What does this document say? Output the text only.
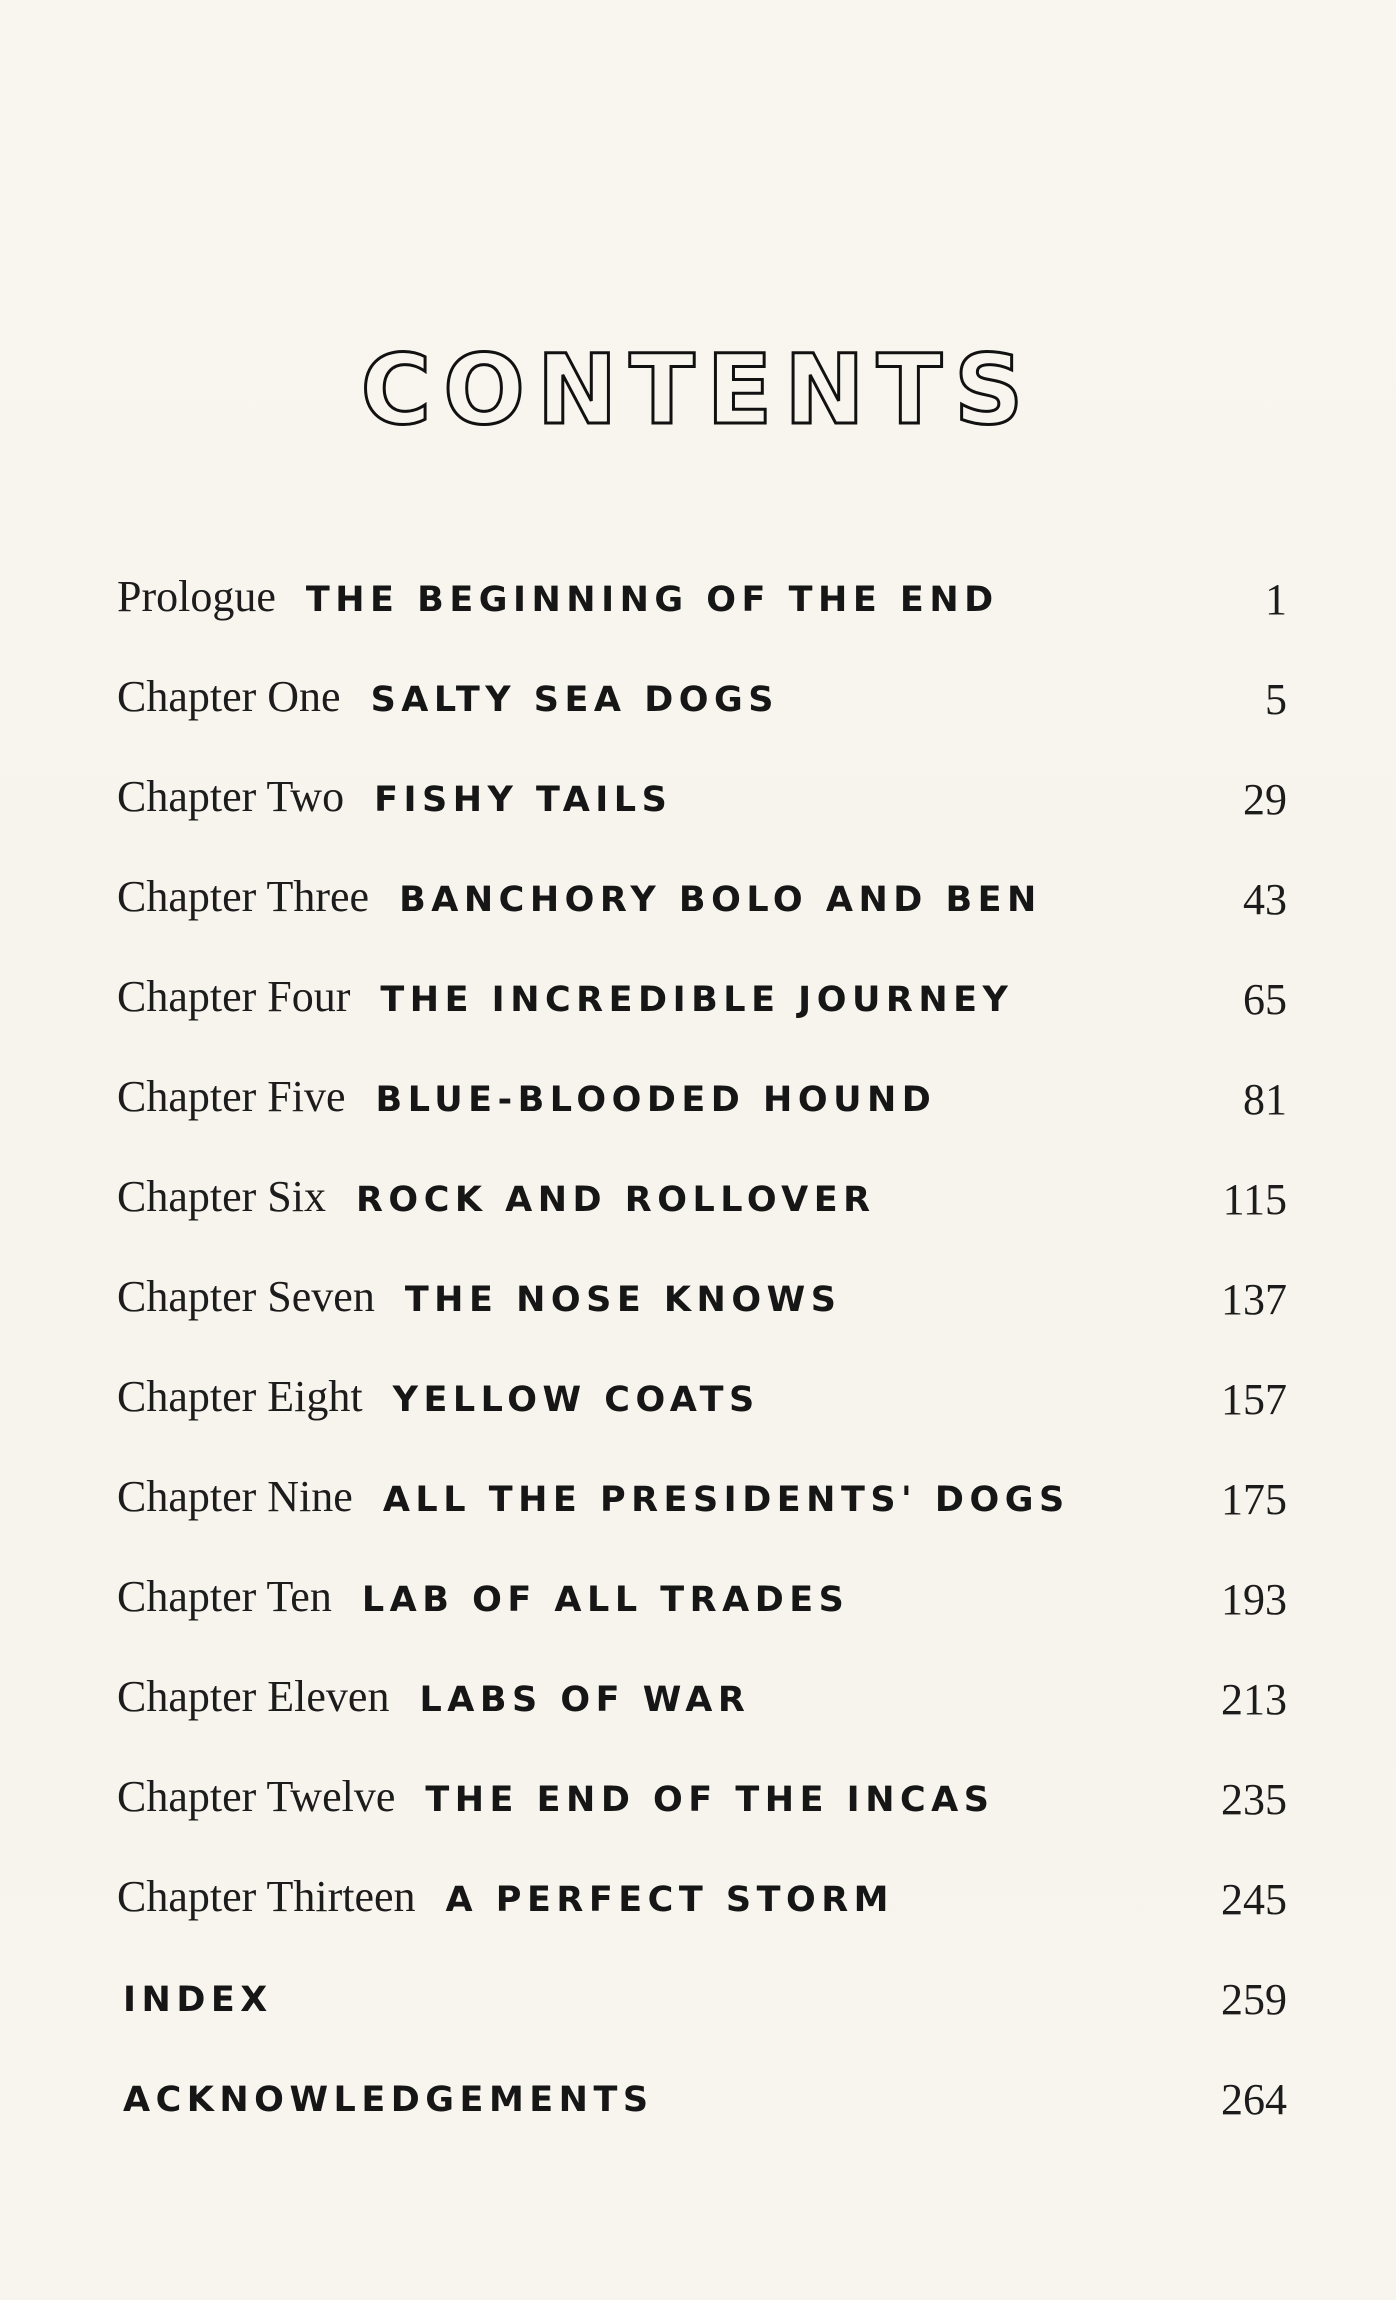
CONTENTS
Prologue THE BEGINNING OF THE END	1
Chapter One SALTY SEA DOGS	5
Chapter Two FISHY TAILS	29
Chapter Three BANCHORY BOLO AND BEN	43
Chapter Four THE INCREDIBLE JOURNEY	65
Chapter Five BLUE-BLOODED HOUND	81
Chapter Six ROCK AND ROLLOVER	115
Chapter Seven THE NOSE KNOWS	137
Chapter Eight YELLOW COATS	157
Chapter Nine ALL THE PRESIDENTS' DOGS	175
Chapter Ten LAB OF ALL TRADES	193
Chapter Eleven LABS OF WAR	213
Chapter Twelve THE END OF THE INCAS	235
Chapter Thirteen A PERFECT STORM	245
INDEX	259
ACKNOWLEDGEMENTS	264
